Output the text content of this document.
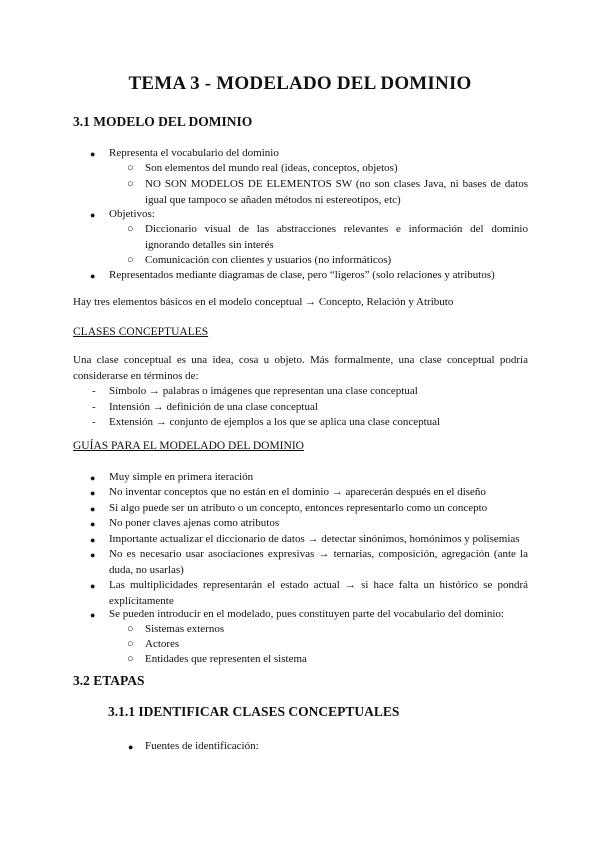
TEMA 3 - MODELADO DEL DOMINIO
3.1 MODELO DEL DOMINIO
● Representa el vocabulario del dominio
○ Son elementos del mundo real (ideas, conceptos, objetos)
○ NO SON MODELOS DE ELEMENTOS SW (no son clases Java, ni bases de datos igual que tampoco se añaden métodos ni estereotipos, etc)
● Objetivos:
○ Diccionario visual de las abstracciones relevantes e información del dominio ignorando detalles sin interés
○ Comunicación con clientes y usuarios (no informáticos)
● Representados mediante diagramas de clase, pero “ligeros” (solo relaciones y atributos)
Hay tres elementos básicos en el modelo conceptual → Concepto, Relación y Atributo
CLASES CONCEPTUALES
Una clase conceptual es una idea, cosa u objeto. Más formalmente, una clase conceptual podría considerarse en términos de:
- Símbolo → palabras o imágenes que representan una clase conceptual
- Intensión → definición de una clase conceptual
- Extensión → conjunto de ejemplos a los que se aplica una clase conceptual
GUÍAS PARA EL MODELADO DEL DOMINIO
● Muy simple en primera iteración
● No inventar conceptos que no están en el dominio → aparecerán después en el diseño
● Si algo puede ser un atributo o un concepto, entonces representarlo como un concepto
● No poner claves ajenas como atributos
● Importante actualizar el diccionario de datos → detectar sinónimos, homónimos y polisemias
● No es necesario usar asociaciones expresivas → ternarias, composición, agregación (ante la duda, no usarlas)
● Las multiplicidades representarán el estado actual → si hace falta un histórico se pondrá explícitamente
● Se pueden introducir en el modelado, pues constituyen parte del vocabulario del dominio:
○ Sistemas externos
○ Actores
○ Entidades que representen el sistema
3.2 ETAPAS
3.1.1 IDENTIFICAR CLASES CONCEPTUALES
● Fuentes de identificación:
